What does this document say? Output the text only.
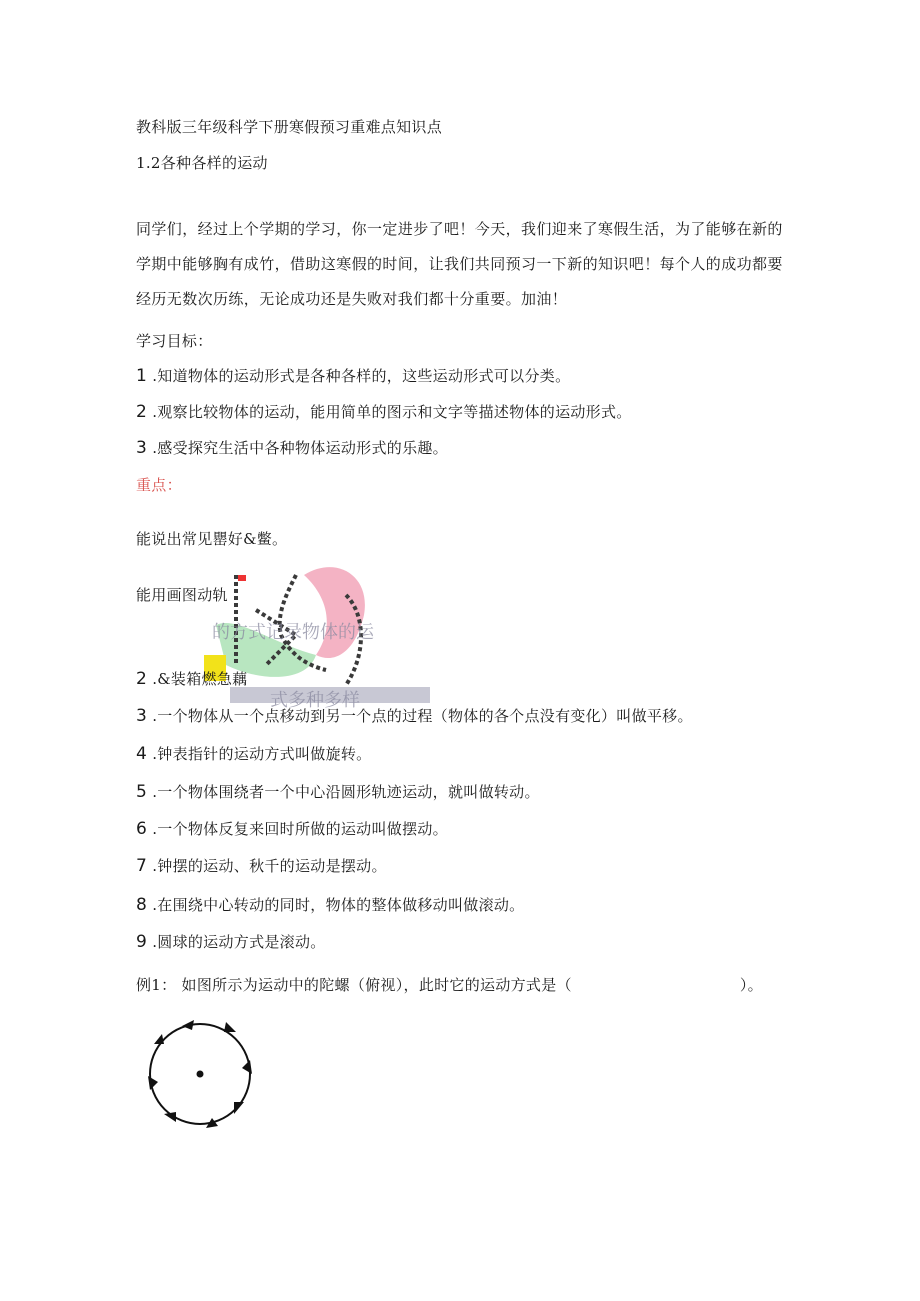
教科版三年级科学下册寒假预习重难点知识点
1.2各种各样的运动
同学们，经过上个学期的学习，你一定进步了吧！今天，我们迎来了寒假生活，为了能够在新的学期中能够胸有成竹，借助这寒假的时间，让我们共同预习一下新的知识吧！每个人的成功都要经历无数次历练，无论成功还是失败对我们都十分重要。加油！
学习目标：
1 .知道物体的运动形式是各种各样的，这些运动形式可以分类。
2 .观察比较物体的运动，能用简单的图示和文字等描述物体的运动形式。
3 .感受探究生活中各种物体运动形式的乐趣。
重点：
能说出常见罌好&鳖。
能用画图动轨
的方式记录物体的运
式多种多样
2 .&装箱燃急藕
3 .一个物体从一个点移动到另一个点的过程（物体的各个点没有变化）叫做平移。
4 .钟表指针的运动方式叫做旋转。
5 .一个物体围绕者一个中心沿圆形轨迹运动，就叫做转动。
6 .一个物体反复来回时所做的运动叫做摆动。
7 .钟摆的运动、秋千的运动是摆动。
8 .在围绕中心转动的同时，物体的整体做移动叫做滚动。
9 .圆球的运动方式是滚动。
例1： 如图所示为运动中的陀螺（俯视），此时它的运动方式是（	）。
